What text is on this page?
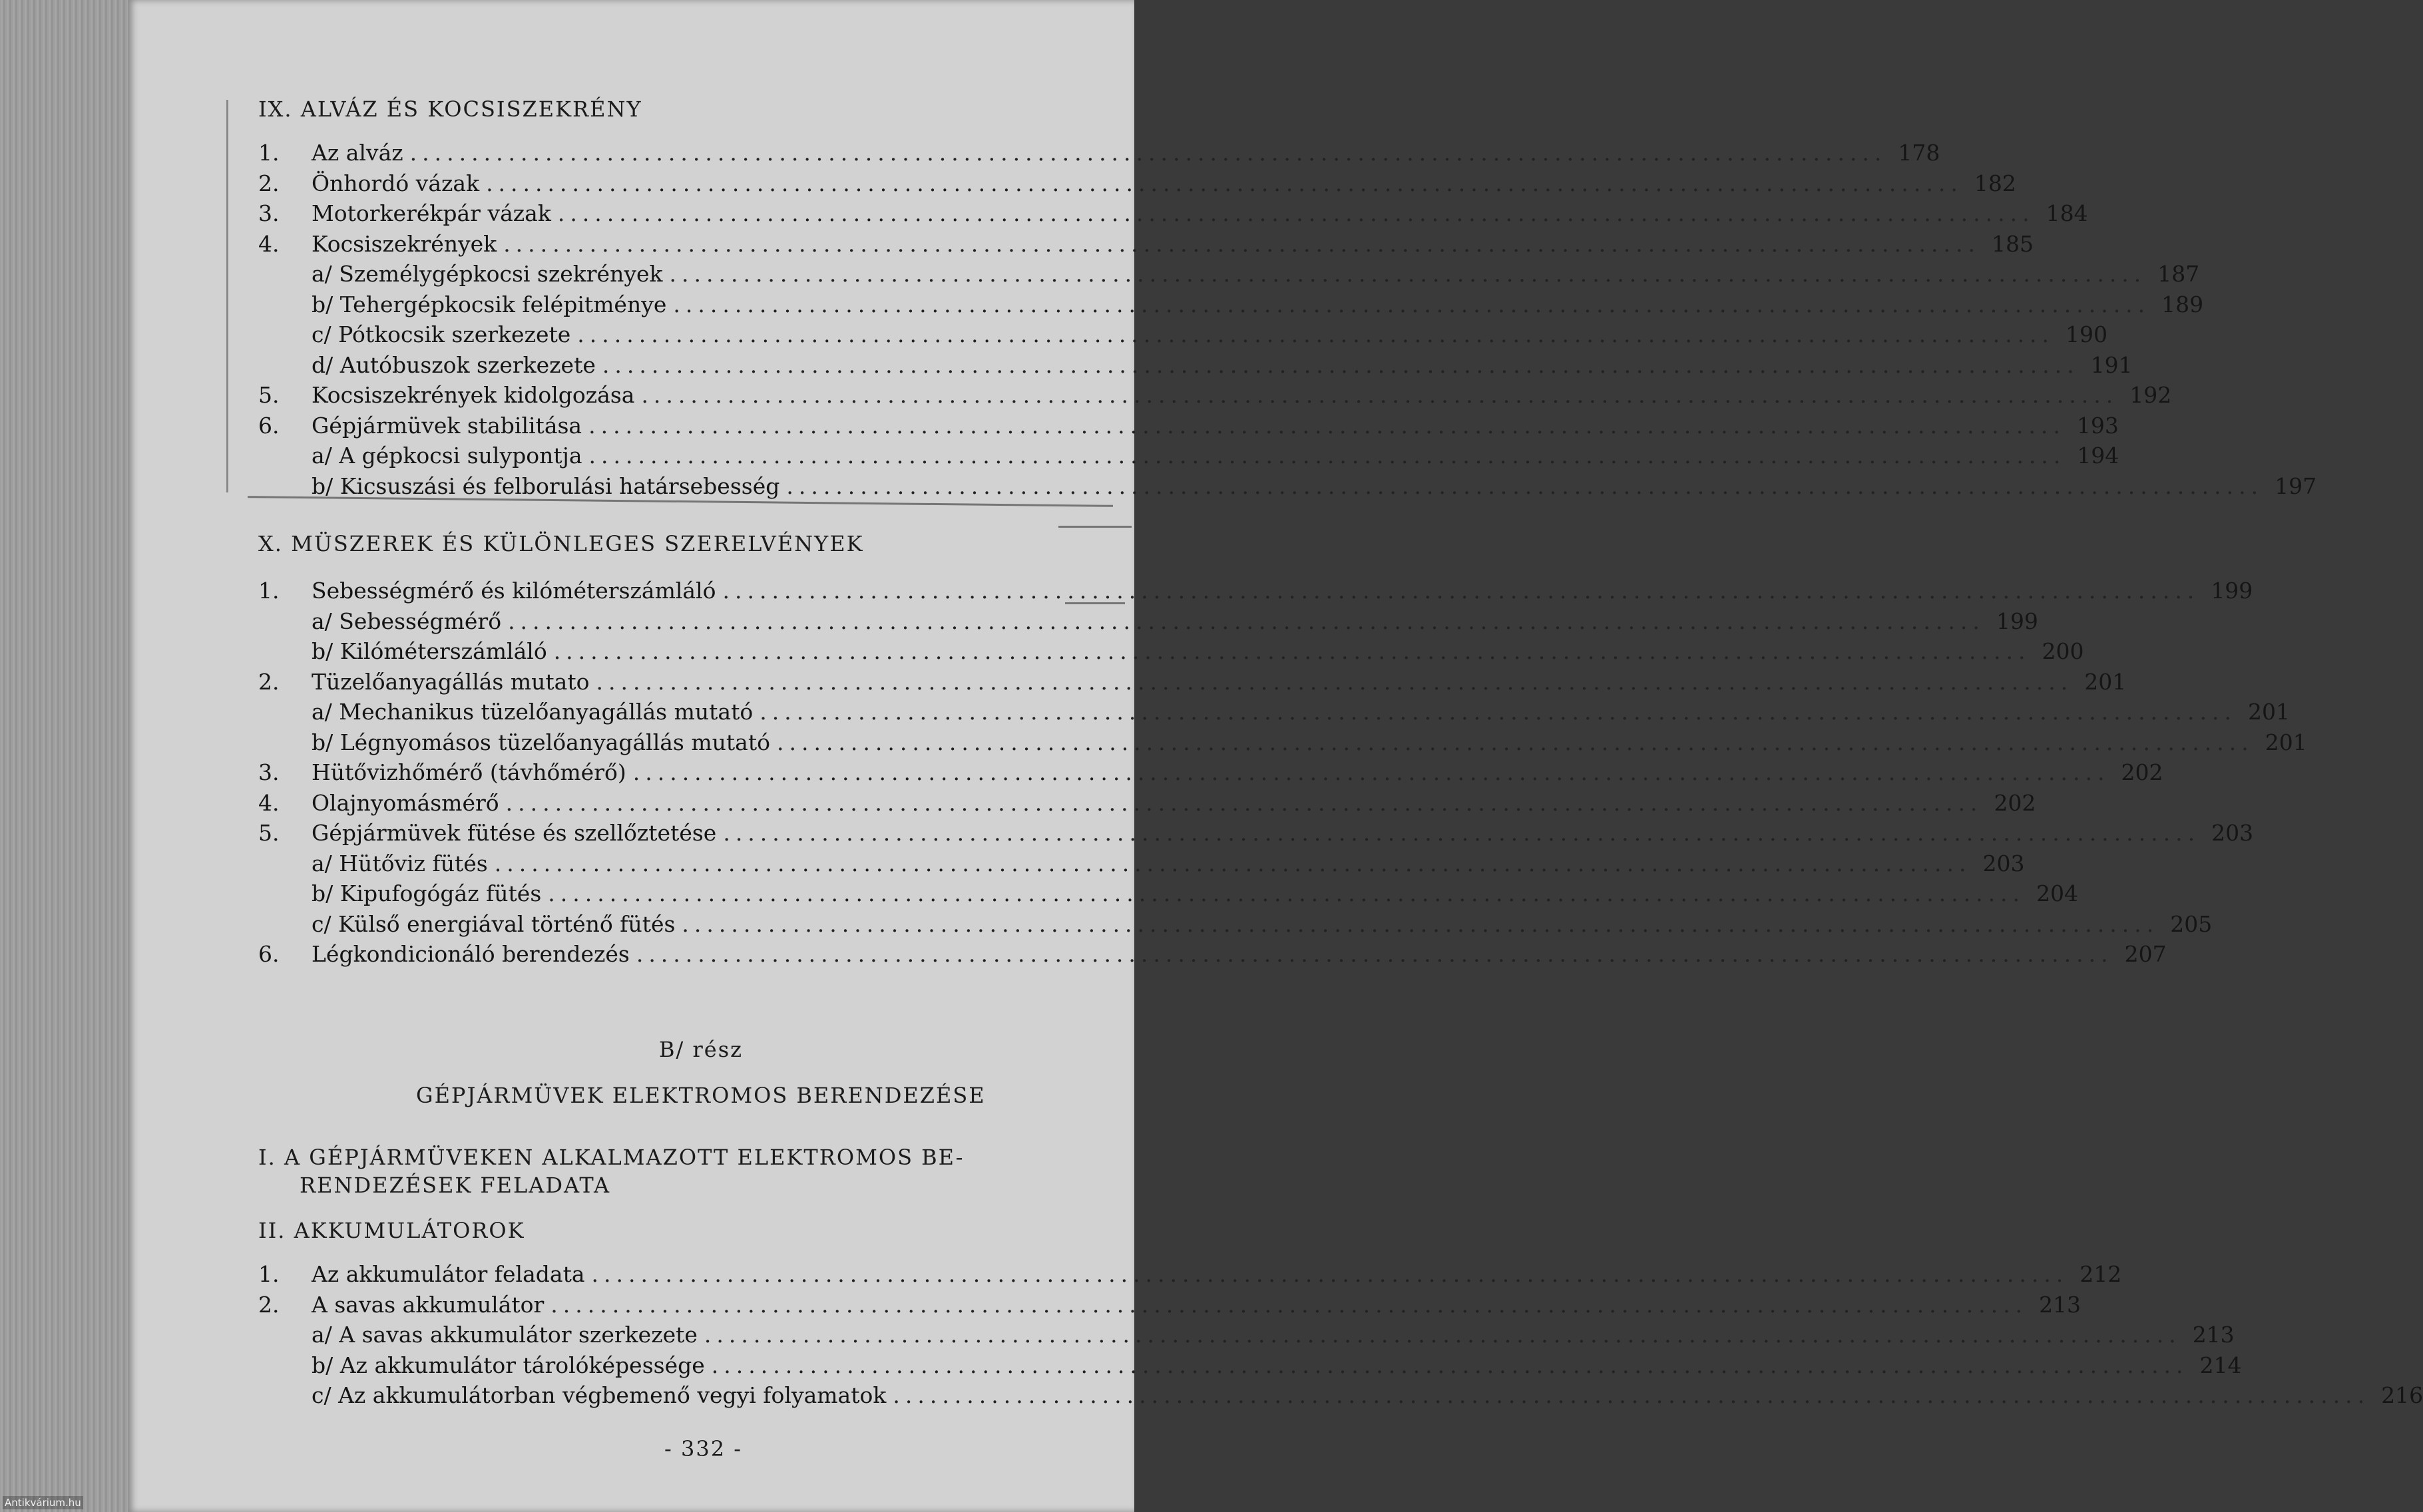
IX. ALVÁZ ÉS KOCSISZEKRÉNY
1.	Az alváz ........................................................................................................................ 178
2.	Önhordó vázak ........................................................................................................................ 182
3.	Motorkerékpár vázak ........................................................................................................................ 184
4.	Kocsiszekrények ........................................................................................................................ 185
a/ Személygépkocsi szekrények ........................................................................................................................ 187
b/ Tehergépkocsik felépitménye ........................................................................................................................ 189
c/ Pótkocsik szerkezete ........................................................................................................................ 190
d/ Autóbuszok szerkezete ........................................................................................................................ 191
5.	Kocsiszekrények kidolgozása ........................................................................................................................ 192
6.	Gépjármüvek stabilitása ........................................................................................................................ 193
a/ A gépkocsi sulypontja ........................................................................................................................ 194
b/ Kicsuszási és felborulási határsebesség ........................................................................................................................ 197
X. MÜSZEREK ÉS KÜLÖNLEGES SZERELVÉNYEK
1.	Sebességmérő és kilóméterszámláló ........................................................................................................................ 199
a/ Sebességmérő ........................................................................................................................ 199
b/ Kilóméterszámláló ........................................................................................................................ 200
2.	Tüzelőanyagállás mutato ........................................................................................................................ 201
a/ Mechanikus tüzelőanyagállás mutató ........................................................................................................................ 201
b/ Légnyomásos tüzelőanyagállás mutató ........................................................................................................................ 201
3.	Hütővizhőmérő (távhőmérő) ........................................................................................................................ 202
4.	Olajnyomásmérő ........................................................................................................................ 202
5.	Gépjármüvek fütése és szellőztetése ........................................................................................................................ 203
a/ Hütőviz fütés ........................................................................................................................ 203
b/ Kipufogógáz fütés ........................................................................................................................ 204
c/ Külső energiával történő fütés ........................................................................................................................ 205
6.	Légkondicionáló berendezés ........................................................................................................................ 207
B/ rész
GÉPJÁRMÜVEK ELEKTROMOS BERENDEZÉSE
I. A GÉPJÁRMÜVEKEN ALKALMAZOTT ELEKTROMOS BE-
RENDEZÉSEK FELADATA
II. AKKUMULÁTOROK
1.	Az akkumulátor feladata ........................................................................................................................ 212
2.	A savas akkumulátor ........................................................................................................................ 213
a/ A savas akkumulátor szerkezete ........................................................................................................................ 213
b/ Az akkumulátor tárolóképessége ........................................................................................................................ 214
c/ Az akkumulátorban végbemenő vegyi folyamatok ........................................................................................................................ 216
- 332 -
Antikvárium.hu
